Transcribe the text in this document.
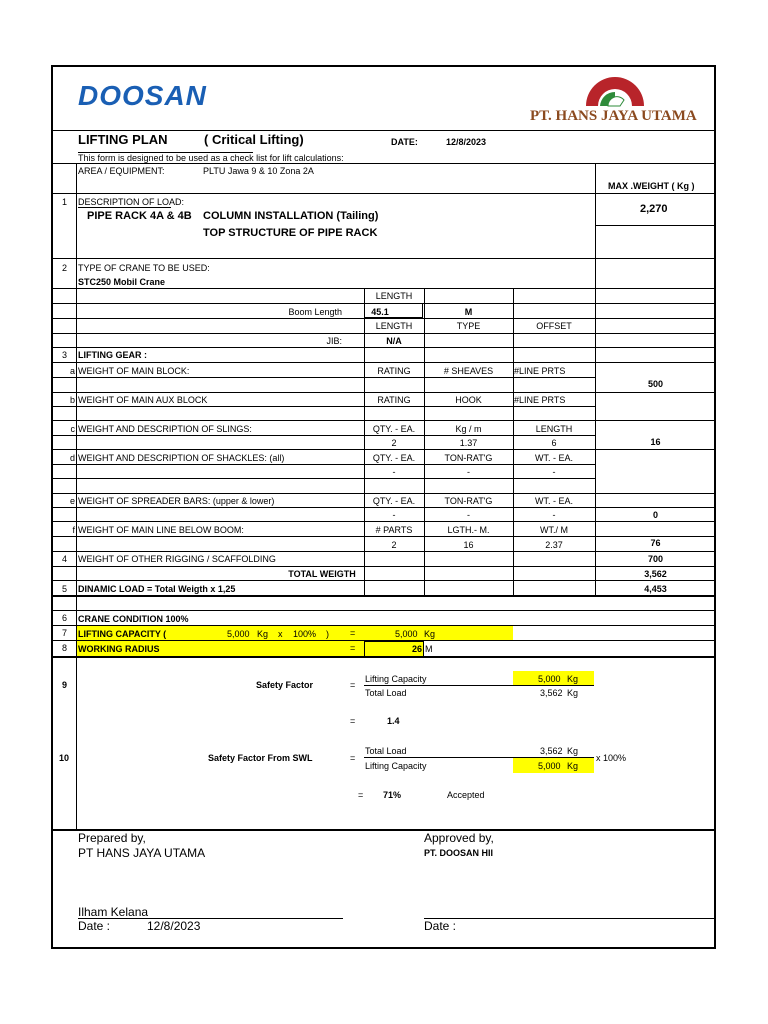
DOOSAN
PT. HANS JAYA UTAMA
LIFTING PLAN	( Critical Lifting)	DATE:	12/8/2023
This form is designed to be used as a check list for lift calculations:
AREA / EQUIPMENT:	PLTU Jawa 9 & 10 Zona 2A
MAX .WEIGHT ( Kg )
1 DESCRIPTION OF LOAD:
PIPE RACK 4A & 4B COLUMN INSTALLATION (Tailing)
TOP STRUCTURE OF PIPE RACK
2,270
2 TYPE OF CRANE TO BE USED:
STC250 Mobil Crane
LENGTH
Boom Length	45.1	M
LENGTH	TYPE	OFFSET
JIB:	N/A
3 LIFTING GEAR :
a WEIGHT OF MAIN BLOCK:	RATING	# SHEAVES	#LINE PRTS
500
b WEIGHT OF MAIN AUX BLOCK	RATING	HOOK	#LINE PRTS
c WEIGHT AND DESCRIPTION OF SLINGS:	QTY. - EA.	Kg / m	LENGTH
2	1.37	6	16
d WEIGHT AND DESCRIPTION OF SHACKLES: (all)	QTY. - EA.	TON-RAT'G	WT. - EA.
-	-	-
e WEIGHT OF SPREADER BARS: (upper & lower)	QTY. - EA.	TON-RAT'G	WT. - EA.
-	-	-	0
f WEIGHT OF MAIN LINE BELOW BOOM:	# PARTS	LGTH.- M.	WT./ M
2	16	2.37	76
4 WEIGHT OF OTHER RIGGING / SCAFFOLDING	700
TOTAL WEIGTH	3,562
5 DINAMIC LOAD = Total Weigth x 1,25	4,453
6 CRANE CONDITION 100%
7 LIFTING CAPACITY (	5,000 Kg x 100% ) =	5,000 Kg
8 WORKING RADIUS	=	26 M
9	Safety Factor	=
Lifting Capacity	5,000 Kg
Total Load	3,562 Kg
=	1.4
10	Safety Factor From SWL	=
Total Load	3,562 Kg
Lifting Capacity	5,000 Kg
x 100%
= 71%	Accepted
Prepared by,
PT HANS JAYA UTAMA
Ilham Kelana
Date :	12/8/2023
Approved by,
PT. DOOSAN HII
Date :
